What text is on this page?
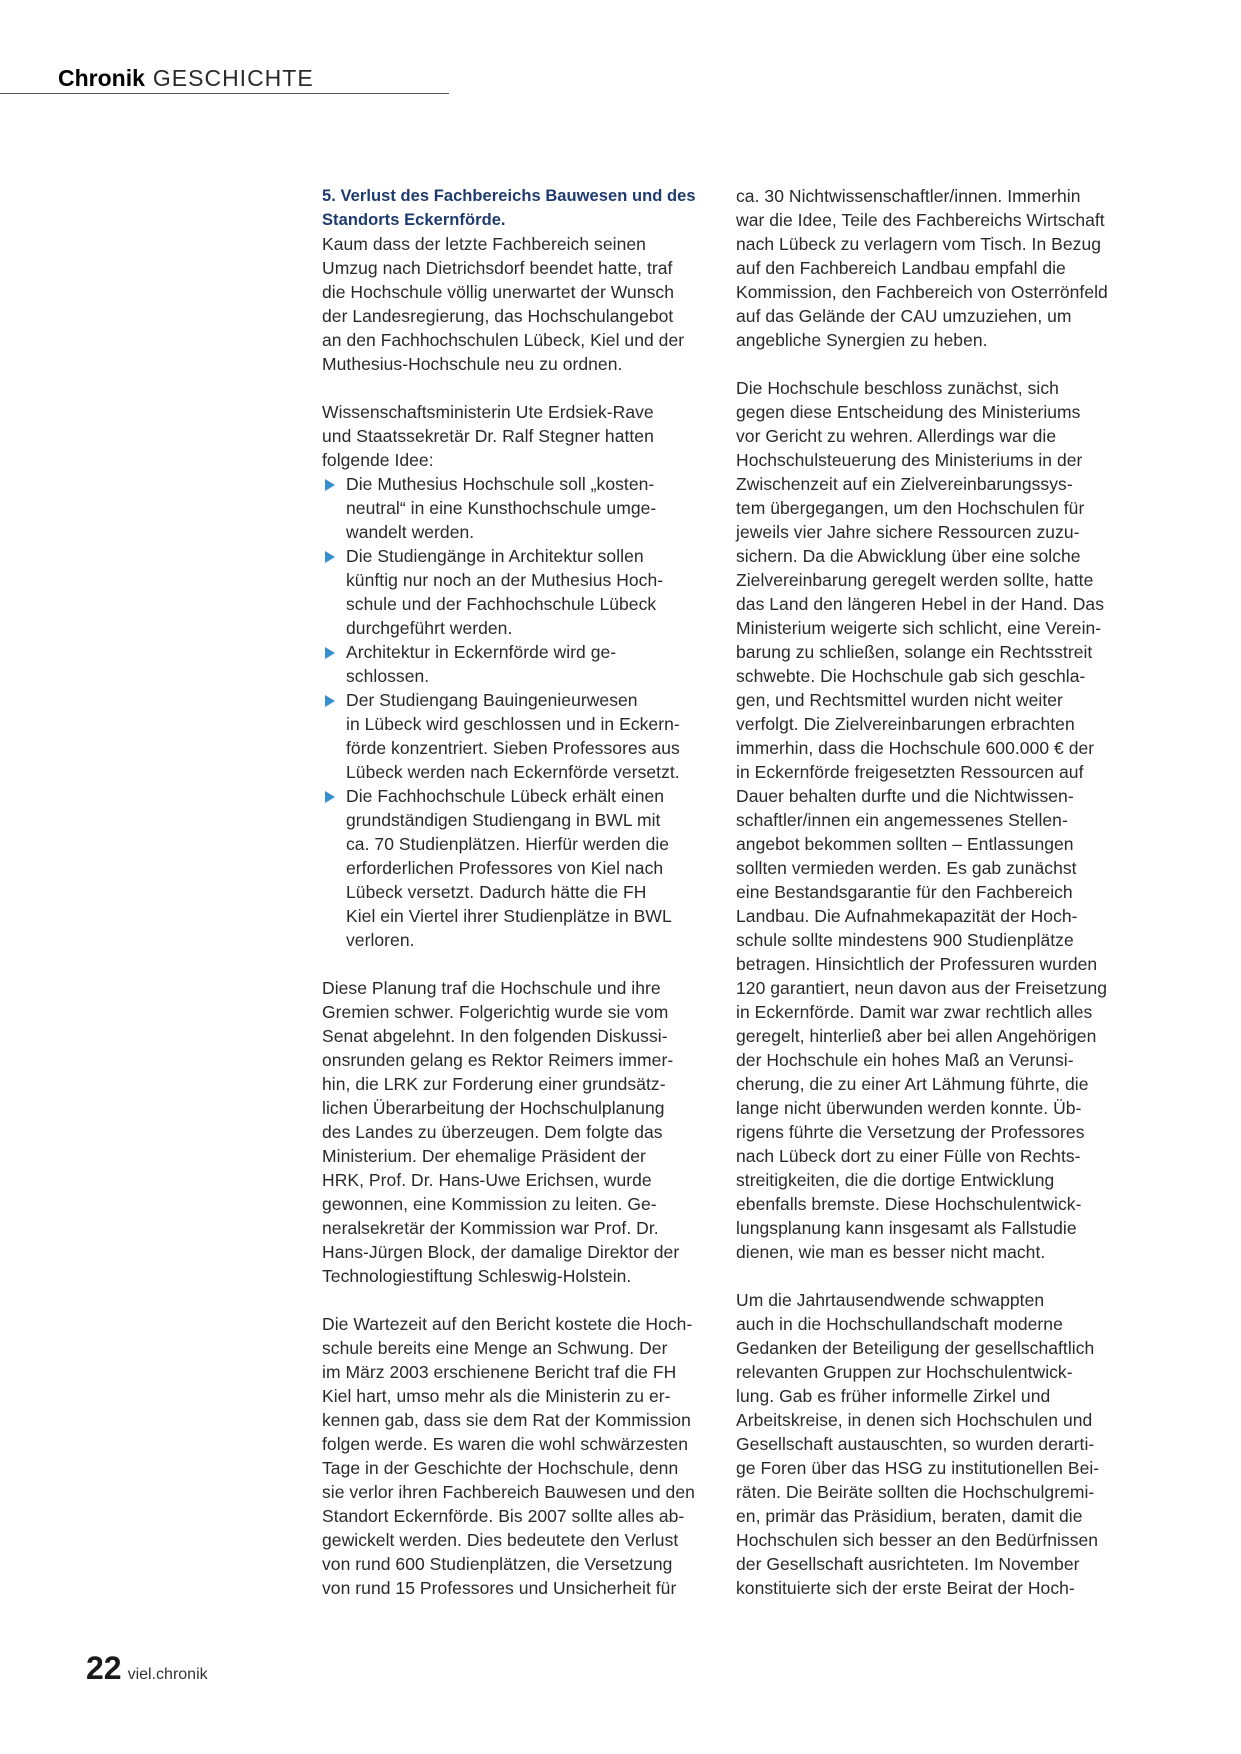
Chronik GESCHICHTE
5. Verlust des Fachbereichs Bauwesen und des
Standorts Eckernförde.
Kaum dass der letzte Fachbereich seinen
Umzug nach Dietrichsdorf beendet hatte, traf
die Hochschule völlig unerwartet der Wunsch
der Landesregierung, das Hochschulangebot
an den Fachhochschulen Lübeck, Kiel und der
Muthesius-Hochschule neu zu ordnen.
Wissenschaftsministerin Ute Erdsiek-Rave
und Staatssekretär Dr. Ralf Stegner hatten
folgende Idee:
Die Muthesius Hochschule soll „kosten-
neutral“ in eine Kunsthochschule umge-
wandelt werden.
Die Studiengänge in Architektur sollen
künftig nur noch an der Muthesius Hoch-
schule und der Fachhochschule Lübeck
durchgeführt werden.
Architektur in Eckernförde wird ge-
schlossen.
Der Studiengang Bauingenieurwesen
in Lübeck wird geschlossen und in Eckern-
förde konzentriert. Sieben Professores aus
Lübeck werden nach Eckernförde versetzt.
Die Fachhochschule Lübeck erhält einen
grundständigen Studiengang in BWL mit
ca. 70 Studienplätzen. Hierfür werden die
erforderlichen Professores von Kiel nach
Lübeck versetzt. Dadurch hätte die FH
Kiel ein Viertel ihrer Studienplätze in BWL
verloren.
Diese Planung traf die Hochschule und ihre
Gremien schwer. Folgerichtig wurde sie vom
Senat abgelehnt. In den folgenden Diskussi-
onsrunden gelang es Rektor Reimers immer-
hin, die LRK zur Forderung einer grundsätz-
lichen Überarbeitung der Hochschulplanung
des Landes zu überzeugen. Dem folgte das
Ministerium. Der ehemalige Präsident der
HRK, Prof. Dr. Hans-Uwe Erichsen, wurde
gewonnen, eine Kommission zu leiten. Ge-
neralsekretär der Kommission war Prof. Dr.
Hans-Jürgen Block, der damalige Direktor der
Technologiestiftung Schleswig-Holstein.
Die Wartezeit auf den Bericht kostete die Hoch-
schule bereits eine Menge an Schwung. Der
im März 2003 erschienene Bericht traf die FH
Kiel hart, umso mehr als die Ministerin zu er-
kennen gab, dass sie dem Rat der Kommission
folgen werde. Es waren die wohl schwärzesten
Tage in der Geschichte der Hochschule, denn
sie verlor ihren Fachbereich Bauwesen und den
Standort Eckernförde. Bis 2007 sollte alles ab-
gewickelt werden. Dies bedeutete den Verlust
von rund 600 Studienplätzen, die Versetzung
von rund 15 Professores und Unsicherheit für
ca. 30 Nichtwissenschaftler/innen. Immerhin
war die Idee, Teile des Fachbereichs Wirtschaft
nach Lübeck zu verlagern vom Tisch. In Bezug
auf den Fachbereich Landbau empfahl die
Kommission, den Fachbereich von Osterrönfeld
auf das Gelände der CAU umzuziehen, um
angebliche Synergien zu heben.
Die Hochschule beschloss zunächst, sich
gegen diese Entscheidung des Ministeriums
vor Gericht zu wehren. Allerdings war die
Hochschulsteuerung des Ministeriums in der
Zwischenzeit auf ein Zielvereinbarungssys-
tem übergegangen, um den Hochschulen für
jeweils vier Jahre sichere Ressourcen zuzu-
sichern. Da die Abwicklung über eine solche
Zielvereinbarung geregelt werden sollte, hatte
das Land den längeren Hebel in der Hand. Das
Ministerium weigerte sich schlicht, eine Verein-
barung zu schließen, solange ein Rechtsstreit
schwebte. Die Hochschule gab sich geschla-
gen, und Rechtsmittel wurden nicht weiter
verfolgt. Die Zielvereinbarungen erbrachten
immerhin, dass die Hochschule 600.000 € der
in Eckernförde freigesetzten Ressourcen auf
Dauer behalten durfte und die Nichtwissen-
schaftler/innen ein angemessenes Stellen-
angebot bekommen sollten – Entlassungen
sollten vermieden werden. Es gab zunächst
eine Bestandsgarantie für den Fachbereich
Landbau. Die Aufnahmekapazität der Hoch-
schule sollte mindestens 900 Studienplätze
betragen. Hinsichtlich der Professuren wurden
120 garantiert, neun davon aus der Freisetzung
in Eckernförde. Damit war zwar rechtlich alles
geregelt, hinterließ aber bei allen Angehörigen
der Hochschule ein hohes Maß an Verunsi-
cherung, die zu einer Art Lähmung führte, die
lange nicht überwunden werden konnte. Üb-
rigens führte die Versetzung der Professores
nach Lübeck dort zu einer Fülle von Rechts-
streitigkeiten, die die dortige Entwicklung
ebenfalls bremste. Diese Hochschulentwick-
lungsplanung kann insgesamt als Fallstudie
dienen, wie man es besser nicht macht.
Um die Jahrtausendwende schwappten
auch in die Hochschullandschaft moderne
Gedanken der Beteiligung der gesellschaftlich
relevanten Gruppen zur Hochschulentwick-
lung. Gab es früher informelle Zirkel und
Arbeitskreise, in denen sich Hochschulen und
Gesellschaft austauschten, so wurden derarti-
ge Foren über das HSG zu institutionellen Bei-
räten. Die Beiräte sollten die Hochschulgremi-
en, primär das Präsidium, beraten, damit die
Hochschulen sich besser an den Bedürfnissen
der Gesellschaft ausrichteten. Im November
konstituierte sich der erste Beirat der Hoch-
22 viel.chronik
